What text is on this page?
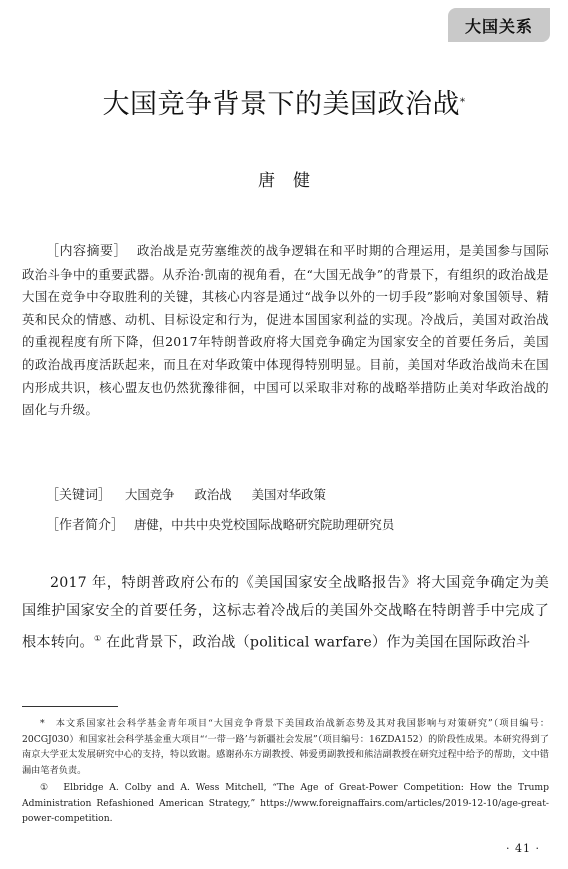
大国关系
大国竞争背景下的美国政治战*
唐健
［内容摘要］ 政治战是克劳塞维茨的战争逻辑在和平时期的合理运用，是美国参与国际政治斗争中的重要武器。从乔治·凯南的视角看，在“大国无战争”的背景下，有组织的政治战是大国在竞争中夺取胜利的关键，其核心内容是通过“战争以外的一切手段”影响对象国领导、精英和民众的情感、动机、目标设定和行为，促进本国国家利益的实现。冷战后，美国对政治战的重视程度有所下降，但2017年特朗普政府将大国竞争确定为国家安全的首要任务后，美国的政治战再度活跃起来，而且在对华政策中体现得特别明显。目前，美国对华政治战尚未在国内形成共识，核心盟友也仍然犹豫徘徊，中国可以采取非对称的战略举措防止美对华政治战的固化与升级。
［关键词］ 大国竞争 政治战 美国对华政策
［作者简介］ 唐健，中共中央党校国际战略研究院助理研究员

2017 年，特朗普政府公布的《美国国家安全战略报告》将大国竞争确定为美国维护国家安全的首要任务，这标志着冷战后的美国外交战略在特朗普手中完成了根本转向。① 在此背景下，政治战（political warfare）作为美国在国际政治斗

*　 本文系国家社会科学基金青年项目“大国竞争背景下美国政治战新态势及其对我国影响与对策研究”（项目编号：20CGJ030）和国家社会科学基金重大项目“‘一带一路’与新疆社会发展”（项目编号：16ZDA152）的阶段性成果。本研究得到了南京大学亚太发展研究中心的支持，特以致谢。感谢孙东方副教授、韩爱勇副教授和熊洁副教授在研究过程中给予的帮助，文中错漏由笔者负责。

①　 Elbridge A. Colby and A. Wess Mitchell, “The Age of Great-Power Competition: How the Trump Administration Refashioned American Strategy,” https://www.foreignaffairs.com/articles/2019-12-10/age-great-power-competition.

· 41 ·
